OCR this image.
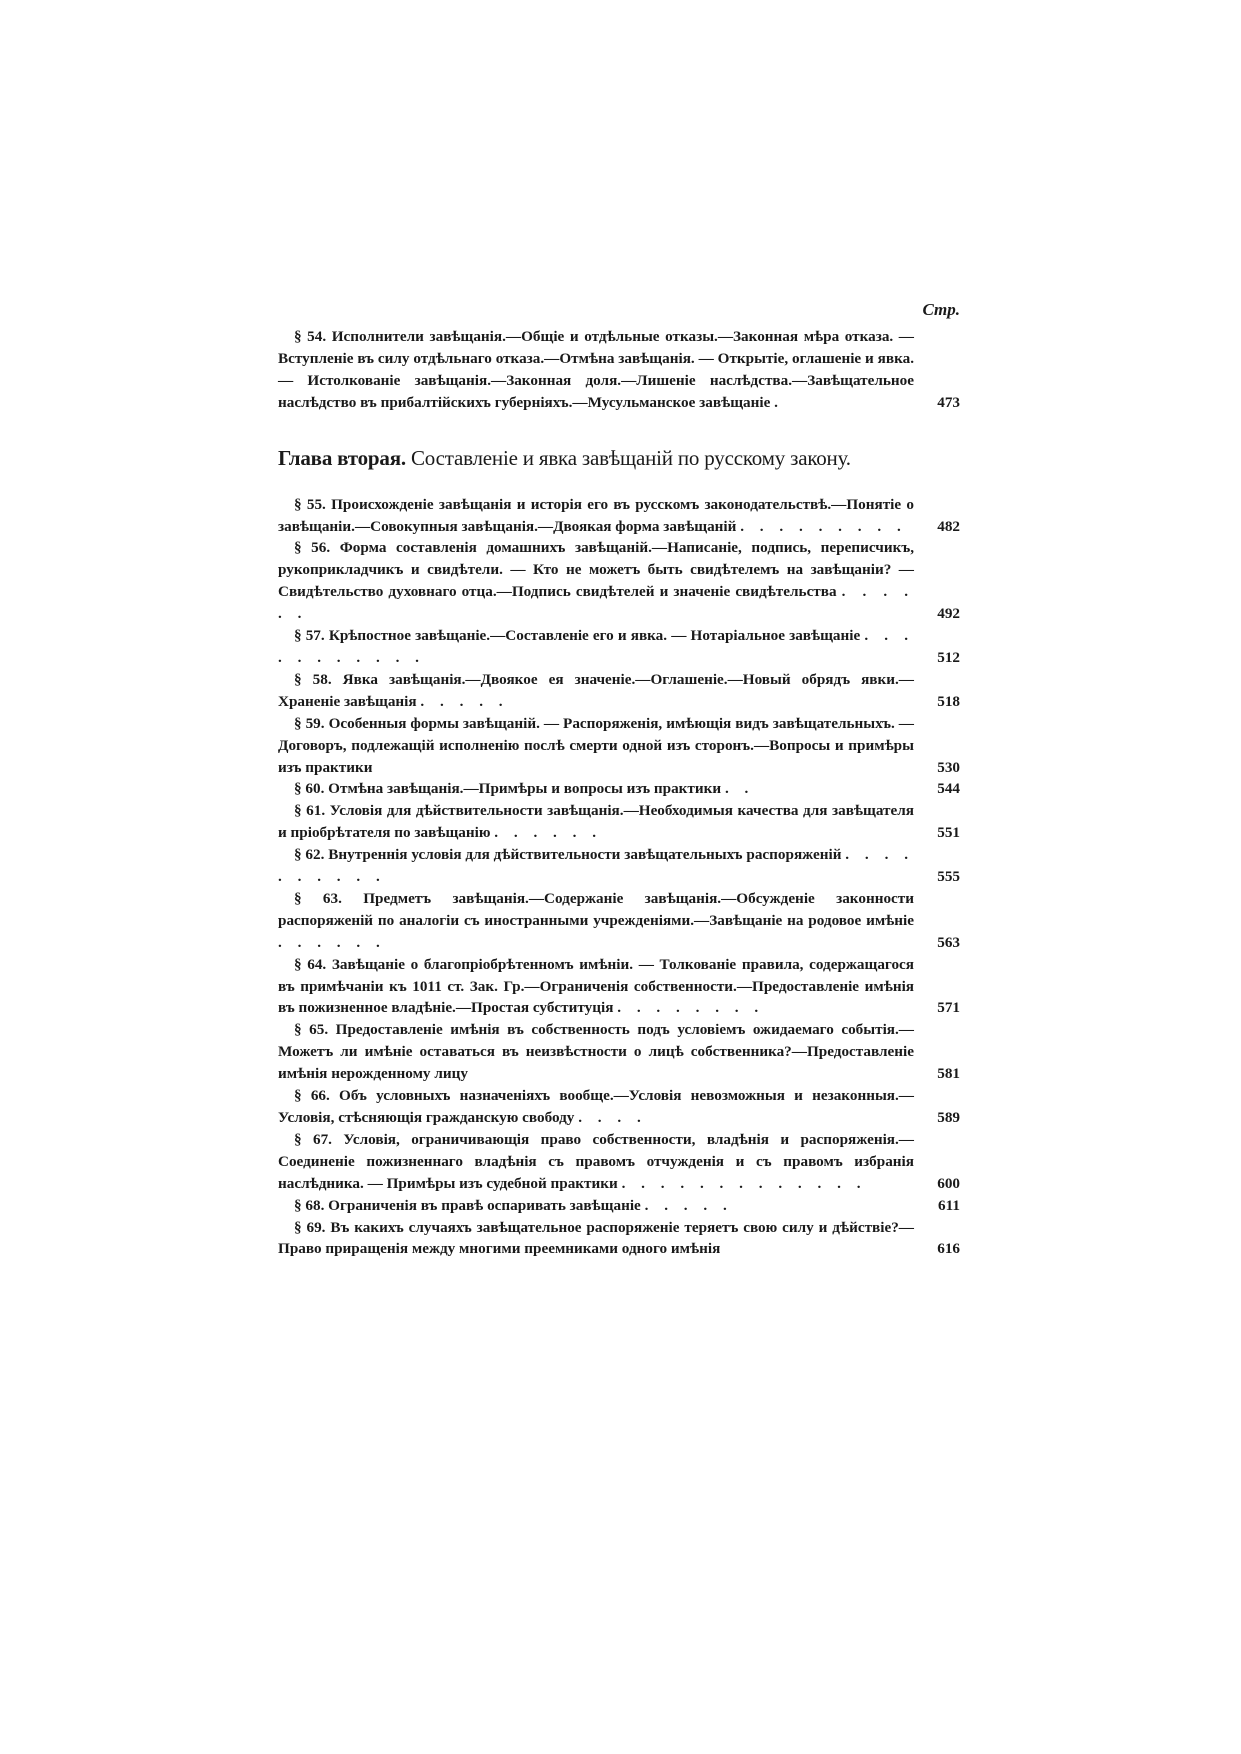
Стр.
§ 54. Исполнители завѣщанія.—Общіе и отдѣльные отказы.—Законная мѣра отказа. — Вступленіе въ силу отдѣльнаго отказа.—Отмѣна завѣщанія. — Открытіе, оглашеніе и явка. — Истолкованіе завѣщанія.—Законная доля.—Лишеніе наслѣдства.—Завѣщательное наслѣдство въ прибалтійскихъ губерніяхъ.—Мусульманское завѣщаніе .	473
Глава вторая. Составленіе и явка завѣщаній по русскому закону.
§ 55. Происхожденіе завѣщанія и исторія его въ русскомъ законодательствѣ.—Понятіе о завѣщаніи.—Совокупныя завѣщанія.—Двоякая форма завѣщаній . . . . . . . . .	482
§ 56. Форма составленія домашнихъ завѣщаній.—Написаніе, подпись, переписчикъ, рукоприкладчикъ и свидѣтели. — Кто не можетъ быть свидѣтелемъ на завѣщаніи? — Свидѣтельство духовнаго отца.—Подпись свидѣтелей и значеніе свидѣтельства . . . . . .	492
§ 57. Крѣпостное завѣщаніе.—Составленіе его и явка. — Нотаріальное завѣщаніе . . . . . . . . . . .	512
§ 58. Явка завѣщанія.—Двоякое ея значеніе.—Оглашеніе.—Новый обрядъ явки.—Храненіе завѣщанія . . . . .	518
§ 59. Особенныя формы завѣщаній. — Распоряженія, имѣющія видъ завѣщательныхъ. — Договоръ, подлежащій исполненію послѣ смерти одной изъ сторонъ.—Вопросы и примѣры изъ практики	530
§ 60. Отмѣна завѣщанія.—Примѣры и вопросы изъ практики . .	544
§ 61. Условія для дѣйствительности завѣщанія.—Необходимыя качества для завѣщателя и пріобрѣтателя по завѣщанію . . . . . .	551
§ 62. Внутреннія условія для дѣйствительности завѣщательныхъ распоряженій . . . . . . . . . .	555
§ 63. Предметъ завѣщанія.—Содержаніе завѣщанія.—Обсужденіе законности распоряженій по аналогіи съ иностранными учрежденіями.—Завѣщаніе на родовое имѣніе . . . . . .	563
§ 64. Завѣщаніе о благопріобрѣтенномъ имѣніи. — Толкованіе правила, содержащагося въ примѣчаніи къ 1011 ст. Зак. Гр.—Ограниченія собственности.—Предоставленіе имѣнія въ пожизненное владѣніе.—Простая субституція . . . . . . . .	571
§ 65. Предоставленіе имѣнія въ собственность подъ условіемъ ожидаемаго событія.—Можетъ ли имѣніе оставаться въ неизвѣстности о лицѣ собственника?—Предоставленіе имѣнія нерожденному лицу	581
§ 66. Объ условныхъ назначеніяхъ вообще.—Условія невозможныя и незаконныя.—Условія, стѣсняющія гражданскую свободу . . . .	589
§ 67. Условія, ограничивающія право собственности, владѣнія и распоряженія.—Соединеніе пожизненнаго владѣнія съ правомъ отчужденія и съ правомъ избранія наслѣдника. — Примѣры изъ судебной практики . . . . . . . . . . . . .	600
§ 68. Ограниченія въ правѣ оспаривать завѣщаніе . . . . .	611
§ 69. Въ какихъ случаяхъ завѣщательное распоряженіе теряетъ свою силу и дѣйствіе?—Право приращенія между многими преемниками одного имѣнія	616
